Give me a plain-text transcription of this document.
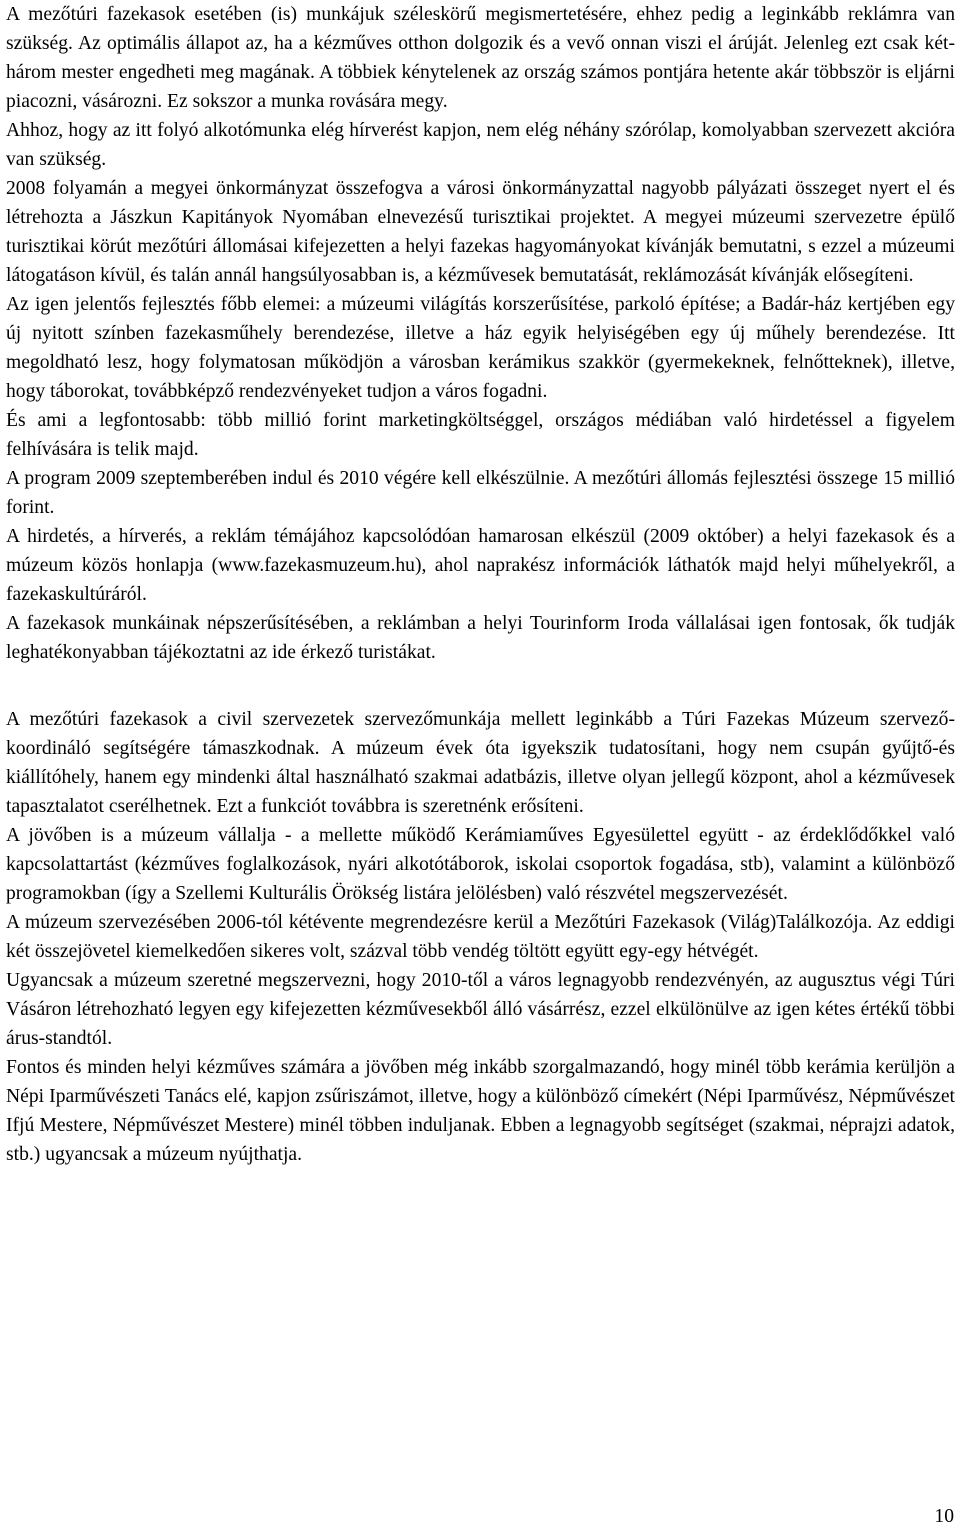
A mezőtúri fazekasok esetében (is) munkájuk széleskörű megismertetésére, ehhez pedig a leginkább reklámra van szükség. Az optimális állapot az, ha a kézműves otthon dolgozik és a vevő onnan viszi el árúját. Jelenleg ezt csak két-három mester engedheti meg magának. A többiek kénytelenek az ország számos pontjára hetente akár többször is eljárni piacozni, vásározni. Ez sokszor a munka rovására megy.

Ahhoz, hogy az itt folyó alkotómunka elég hírverést kapjon, nem elég néhány szórólap, komolyabban szervezett akcióra van szükség.

2008 folyamán a megyei önkormányzat összefogva a városi önkormányzattal nagyobb pályázati összeget nyert el és létrehozta a Jászkun Kapitányok Nyomában elnevezésű turisztikai projektet. A megyei múzeumi szervezetre épülő turisztikai körút mezőtúri állomásai kifejezetten a helyi fazekas hagyományokat kívánják bemutatni, s ezzel a múzeumi látogatáson kívül, és talán annál hangsúlyosabban is, a kézművesek bemutatását, reklámozását kívánják elősegíteni.

Az igen jelentős fejlesztés főbb elemei: a múzeumi világítás korszerűsítése, parkoló építése; a Badár-ház kertjében egy új nyitott színben fazekasműhely berendezése, illetve a ház egyik helyiségében egy új műhely berendezése. Itt megoldható lesz, hogy folymatosan működjön a városban kerámikus szakkör (gyermekeknek, felnőtteknek), illetve, hogy táborokat, továbbképző rendezvényeket tudjon a város fogadni.

És ami a legfontosabb: több millió forint marketingköltséggel, országos médiában való hirdetéssel a figyelem felhívására is telik majd.

A program 2009 szeptemberében indul és 2010 végére kell elkészülnie. A mezőtúri állomás fejlesztési összege 15 millió forint.

A hirdetés, a hírverés, a reklám témájához kapcsolódóan hamarosan elkészül (2009 október) a helyi fazekasok és a múzeum közös honlapja (www.fazekasmuzeum.hu), ahol naprakész információk láthatók majd helyi műhelyekről, a fazekaskultúráról.

A fazekasok munkáinak népszerűsítésében, a reklámban a helyi Tourinform Iroda vállalásai igen fontosak, ők tudják leghatékonyabban tájékoztatni az ide érkező turistákat.

A mezőtúri fazekasok a civil szervezetek szervezőmunkája mellett leginkább a Túri Fazekas Múzeum szervező-koordináló segítségére támaszkodnak. A múzeum évek óta igyekszik tudatosítani, hogy nem csupán gyűjtő-és kiállítóhely, hanem egy mindenki által használható szakmai adatbázis, illetve olyan jellegű központ, ahol a kézművesek tapasztalatot cserélhetnek. Ezt a funkciót továbbra is szeretnénk erősíteni.

A jövőben is a múzeum vállalja - a mellette működő Kerámiaműves Egyesülettel együtt - az érdeklődőkkel való kapcsolattartást (kézműves foglalkozások, nyári alkotótáborok, iskolai csoportok fogadása, stb), valamint a különböző programokban (így a Szellemi Kulturális Örökség listára jelölésben) való részvétel megszervezését.

A múzeum szervezésében 2006-tól kétévente megrendezésre kerül a Mezőtúri Fazekasok (Világ)Találkozója. Az eddigi két összejövetel kiemelkedően sikeres volt, százval több vendég töltött együtt egy-egy hétvégét.

Ugyancsak a múzeum szeretné megszervezni, hogy 2010-től a város legnagyobb rendezvényén, az augusztus végi Túri Vásáron létrehozható legyen egy kifejezetten kézművesekből álló vásárrész, ezzel elkülönülve az igen kétes értékű többi árus-standtól.

Fontos és minden helyi kézműves számára a jövőben még inkább szorgalmazandó, hogy minél több kerámia kerüljön a Népi Iparművészeti Tanács elé, kapjon zsűriszámot, illetve, hogy a különböző címekért (Népi Iparművész, Népművészet Ifjú Mestere, Népművészet Mestere) minél többen induljanak. Ebben a legnagyobb segítséget (szakmai, néprajzi adatok, stb.) ugyancsak a múzeum nyújthatja.

10
